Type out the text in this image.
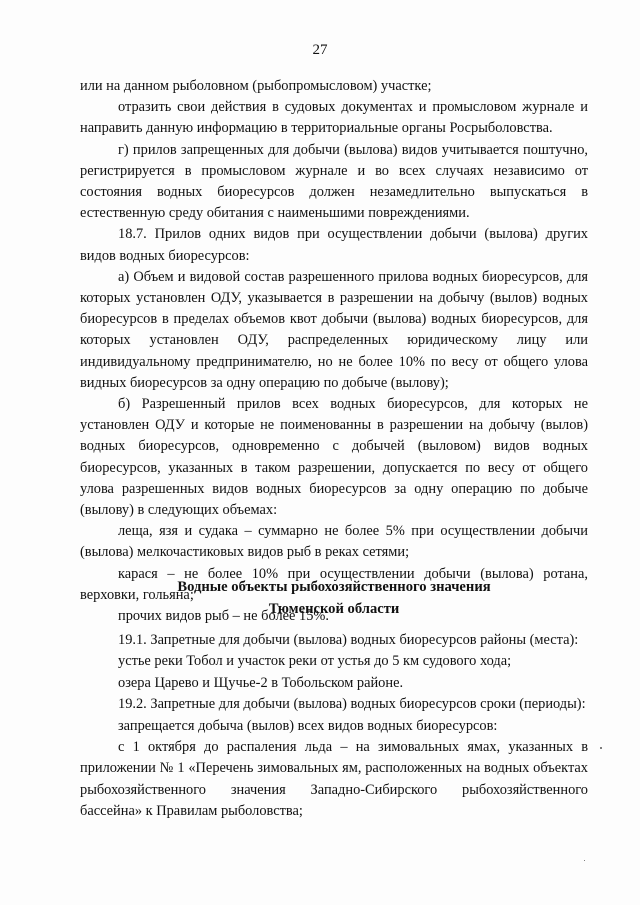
27

или на данном рыболовном (рыбопромысловом) участке;

отразить свои действия в судовых документах и промысловом журнале и направить данную информацию в территориальные органы Росрыболовства.

г) прилов запрещенных для добычи (вылова) видов учитывается поштучно, регистрируется в промысловом журнале и во всех случаях независимо от состояния водных биоресурсов должен незамедлительно выпускаться в естественную среду обитания с наименьшими повреждениями.

18.7. Прилов одних видов при осуществлении добычи (вылова) других видов водных биоресурсов:

а) Объем и видовой состав разрешенного прилова водных биоресурсов, для которых установлен ОДУ, указывается в разрешении на добычу (вылов) водных биоресурсов в пределах объемов квот добычи (вылова) водных биоресурсов, для которых установлен ОДУ, распределенных юридическому лицу или индивидуальному предпринимателю, но не более 10% по весу от общего улова видных биоресурсов за одну операцию по добыче (вылову);

б) Разрешенный прилов всех водных биоресурсов, для которых не установлен ОДУ и которые не поименованны в разрешении на добычу (вылов) водных биоресурсов, одновременно с добычей (выловом) видов водных биоресурсов, указанных в таком разрешении, допускается по весу от общего улова разрешенных видов водных биоресурсов за одну операцию по добыче (вылову) в следующих объемах:

леща, язя и судака – суммарно не более 5% при осуществлении добычи (вылова) мелкочастиковых видов рыб в реках сетями;

карася – не более 10% при осуществлении добычи (вылова) ротана, верховки, гольяна;

прочих видов рыб – не более 15%.

Водные объекты рыбохозяйственного значения
Тюменской области

19.1. Запретные для добычи (вылова) водных биоресурсов районы (места):

устье реки Тобол и участок реки от устья до 5 км судового хода;

озера Царево и Щучье-2 в Тобольском районе.

19.2. Запретные для добычи (вылова) водных биоресурсов сроки (периоды):

запрещается добыча (вылов) всех видов водных биоресурсов:

с 1 октября до распаления льда – на зимовальных ямах, указанных в приложении № 1 «Перечень зимовальных ям, расположенных на водных объектах рыбохозяйственного значения Западно-Сибирского рыбохозяйственного бассейна» к Правилам рыболовства;
